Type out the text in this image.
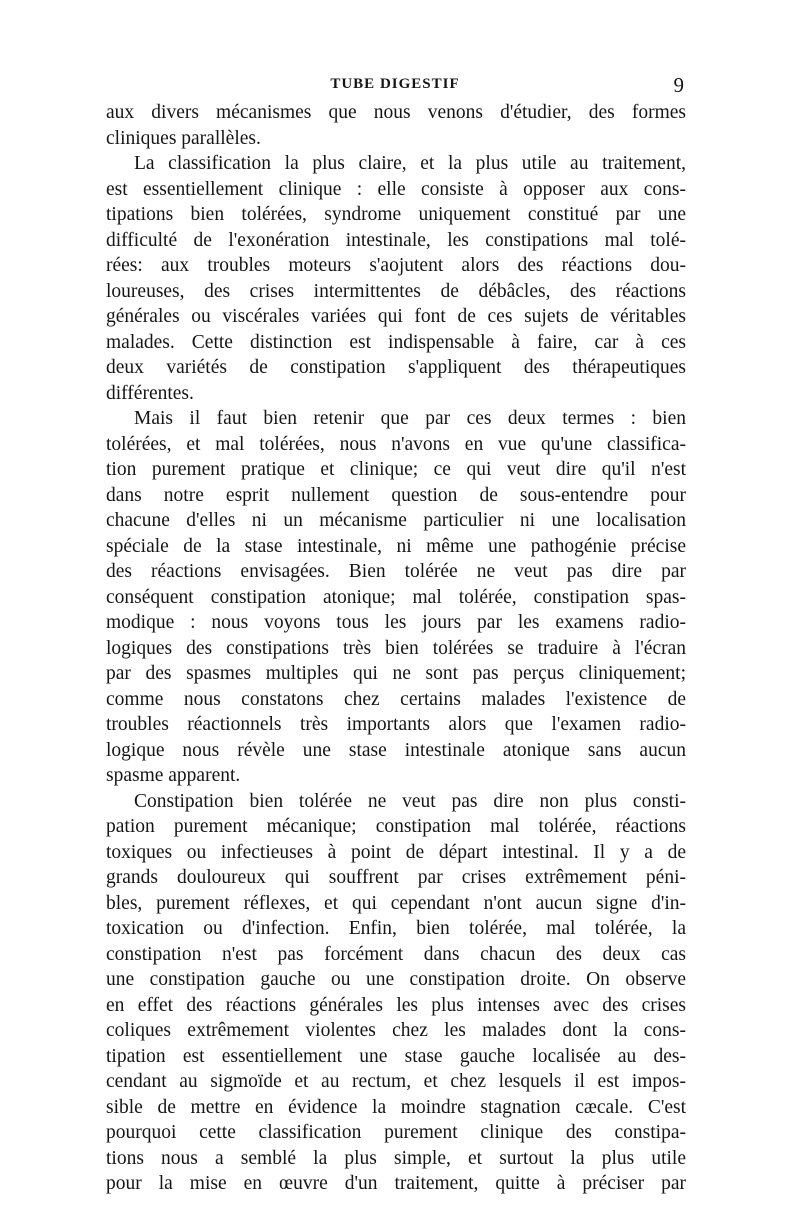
TUBE DIGESTIF	9
aux divers mécanismes que nous venons d'étudier, des formes
cliniques parallèles.
La classification la plus claire, et la plus utile au traitement,
est essentiellement clinique : elle consiste à opposer aux cons-
tipations bien tolérées, syndrome uniquement constitué par une
difficulté de l'exonération intestinale, les constipations mal tolé-
rées: aux troubles moteurs s'aojutent alors des réactions dou-
loureuses, des crises intermittentes de débâcles, des réactions
générales ou viscérales variées qui font de ces sujets de véritables
malades. Cette distinction est indispensable à faire, car à ces
deux variétés de constipation s'appliquent des thérapeutiques
différentes.
Mais il faut bien retenir que par ces deux termes : bien
tolérées, et mal tolérées, nous n'avons en vue qu'une classifica-
tion purement pratique et clinique; ce qui veut dire qu'il n'est
dans notre esprit nullement question de sous-entendre pour
chacune d'elles ni un mécanisme particulier ni une localisation
spéciale de la stase intestinale, ni même une pathogénie précise
des réactions envisagées. Bien tolérée ne veut pas dire par
conséquent constipation atonique; mal tolérée, constipation spas-
modique : nous voyons tous les jours par les examens radio-
logiques des constipations très bien tolérées se traduire à l'écran
par des spasmes multiples qui ne sont pas perçus cliniquement;
comme nous constatons chez certains malades l'existence de
troubles réactionnels très importants alors que l'examen radio-
logique nous révèle une stase intestinale atonique sans aucun
spasme apparent.
Constipation bien tolérée ne veut pas dire non plus consti-
pation purement mécanique; constipation mal tolérée, réactions
toxiques ou infectieuses à point de départ intestinal. Il y a de
grands douloureux qui souffrent par crises extrêmement péni-
bles, purement réflexes, et qui cependant n'ont aucun signe d'in-
toxication ou d'infection. Enfin, bien tolérée, mal tolérée, la
constipation n'est pas forcément dans chacun des deux cas
une constipation gauche ou une constipation droite. On observe
en effet des réactions générales les plus intenses avec des crises
coliques extrêmement violentes chez les malades dont la cons-
tipation est essentiellement une stase gauche localisée au des-
cendant au sigmoïde et au rectum, et chez lesquels il est impos-
sible de mettre en évidence la moindre stagnation cæcale. C'est
pourquoi cette classification purement clinique des constipa-
tions nous a semblé la plus simple, et surtout la plus utile
pour la mise en œuvre d'un traitement, quitte à préciser par
